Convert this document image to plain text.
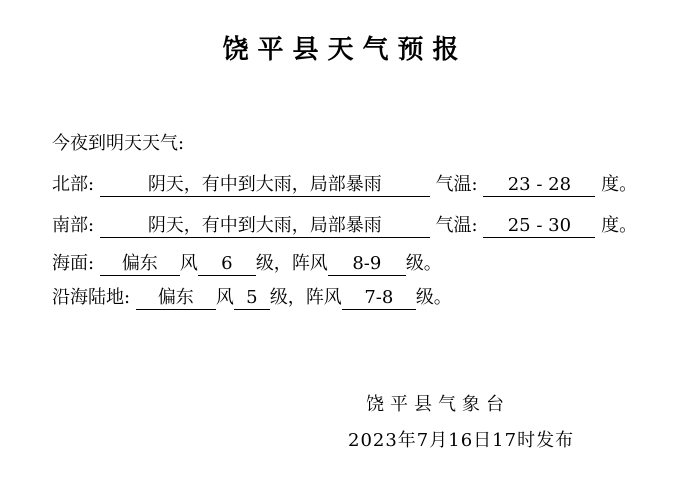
饶平县天气预报
今夜到明天天气:
北部:	阴天，有中到大雨，局部暴雨	气温: 23 - 28 度。
南部:	阴天，有中到大雨，局部暴雨	气温: 25 - 30 度。
海面: 偏东 风 6 级，阵风 8-9 级。
沿海陆地: 偏东 风 5 级，阵风 7-8 级。
饶平县气象台
2023年7月16日17时发布
